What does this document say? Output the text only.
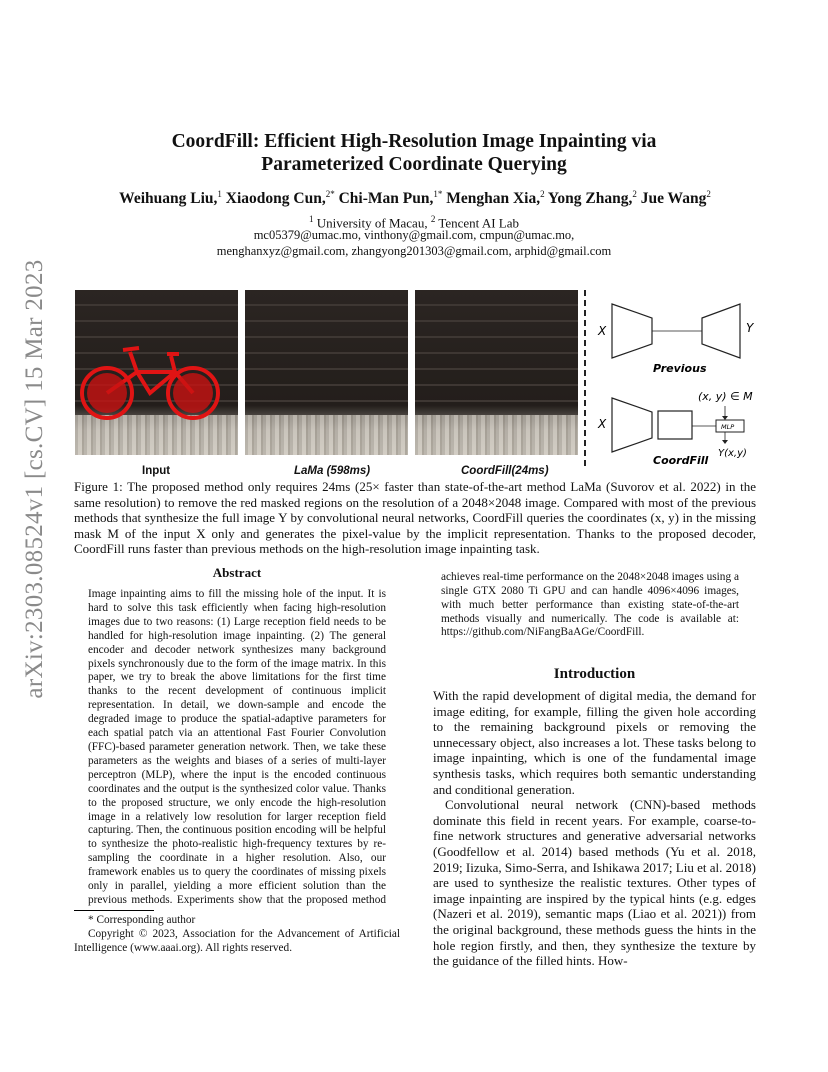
arXiv:2303.08524v1 [cs.CV] 15 Mar 2023
CoordFill: Efficient High-Resolution Image Inpainting via
Parameterized Coordinate Querying
Weihuang Liu,$^1$ Xiaodong Cun,$^{2*}$ Chi-Man Pun,$^{1*}$ Menghan Xia,$^2$ Yong Zhang,$^2$ Jue Wang$^2$
$^1$ University of Macau, $^2$ Tencent AI Lab
mc05379@umac.mo, vinthony@gmail.com, cmpun@umac.mo,
menghanxyz@gmail.com, zhangyong201303@gmail.com, arphid@gmail.com
Input	LaMa (598ms)	CoordFill(24ms)
X	Y
Previous
X
(x, y) ∈ M
MLP
CoordFill
Y(x,y)
Figure 1: The proposed method only requires 24ms (25× faster than state-of-the-art method LaMa (Suvorov et al. 2022) in the same resolution) to remove the red masked regions on the resolution of a 2048×2048 image. Compared with most of the previous methods that synthesize the full image Y by convolutional neural networks, CoordFill queries the coordinates (x, y) in the missing mask M of the input X only and generates the pixel-value by the implicit representation. Thanks to the proposed decoder, CoordFill runs faster than previous methods on the high-resolution image inpainting task.
Abstract

Image inpainting aims to fill the missing hole of the input. It is hard to solve this task efficiently when facing high-resolution images due to two reasons: (1) Large reception field needs to be handled for high-resolution image inpainting. (2) The general encoder and decoder network synthesizes many background pixels synchronously due to the form of the image matrix. In this paper, we try to break the above limitations for the first time thanks to the recent development of continuous implicit representation. In detail, we down-sample and encode the degraded image to produce the spatial-adaptive parameters for each spatial patch via an attentional Fast Fourier Convolution (FFC)-based parameter generation network. Then, we take these parameters as the weights and biases of a series of multi-layer perceptron (MLP), where the input is the encoded continuous coordinates and the output is the synthesized color value. Thanks to the proposed structure, we only encode the high-resolution image in a relatively low resolution for larger reception field capturing. Then, the continuous position encoding will be helpful to synthesize the photo-realistic high-frequency textures by re-sampling the coordinate in a higher resolution. Also, our framework enables us to query the coordinates of missing pixels only in parallel, yielding a more efficient solution than the previous methods. Experiments show that the proposed method

achieves real-time performance on the 2048×2048 images using a single GTX 2080 Ti GPU and can handle 4096×4096 images, with much better performance than existing state-of-the-art methods visually and numerically. The code is available at: https://github.com/NiFangBaAGe/CoordFill.

* Corresponding author
Copyright © 2023, Association for the Advancement of Artificial Intelligence (www.aaai.org). All rights reserved.
Introduction

With the rapid development of digital media, the demand for image editing, for example, filling the given hole according to the remaining background pixels or removing the unnecessary object, also increases a lot. These tasks belong to image inpainting, which is one of the fundamental image synthesis tasks, which requires both semantic understanding and conditional generation.

Convolutional neural network (CNN)-based methods dominate this field in recent years. For example, coarse-to-fine network structures and generative adversarial networks (Goodfellow et al. 2014) based methods (Yu et al. 2018, 2019; Iizuka, Simo-Serra, and Ishikawa 2017; Liu et al. 2018) are used to synthesize the realistic textures. Other types of image inpainting are inspired by the typical hints (e.g. edges (Nazeri et al. 2019), semantic maps (Liao et al. 2021)) from the original background, these methods guess the hints in the hole region firstly, and then, they synthesize the texture by the guidance of the filled hints. How-
